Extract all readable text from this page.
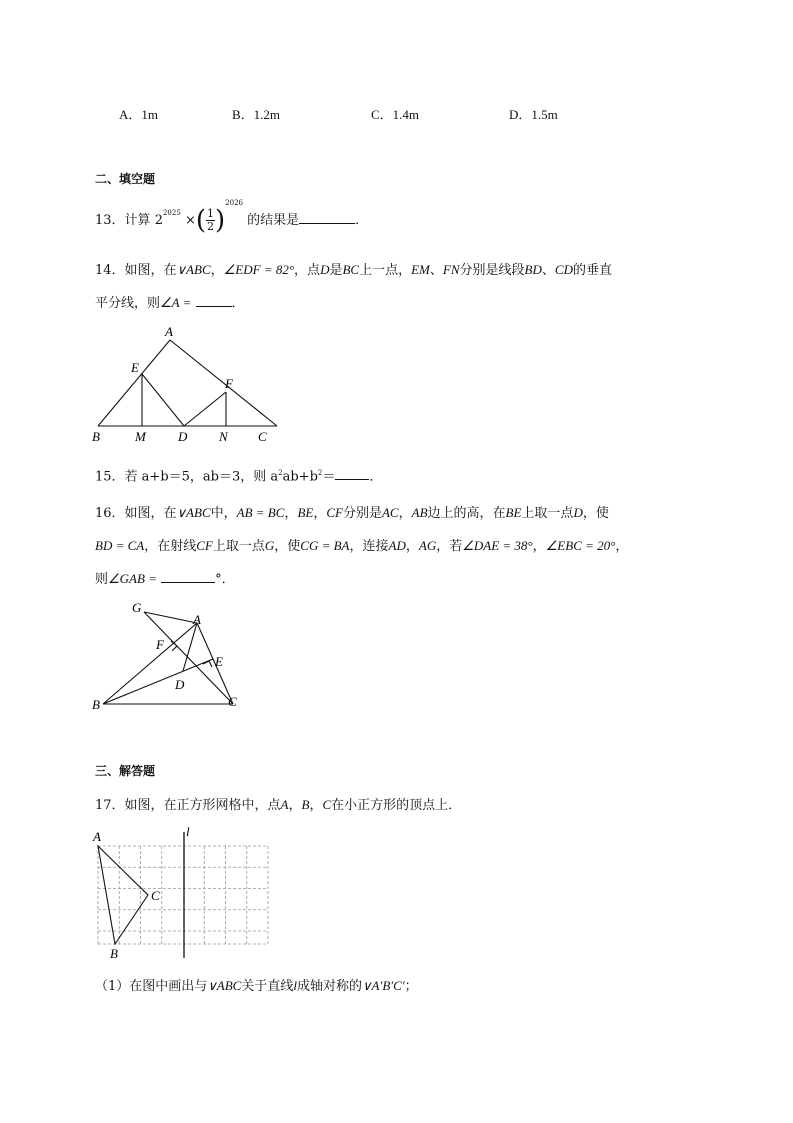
A．1m	B．1.2m	C．1.4m	D．1.5m
二、填空题
13．计算 $2^{2025}$ ×( $\frac{1}{2} )^{2026}$ 的结果是	．
14．如图，在∨ABC，∠EDF = 82°，点D是BC上一点，EM、FN分别是线段BD、CD的垂直
平分线，则∠A =	．
A
E
F
B	M D N C
15．若 a+b＝5，ab＝3，则 $a^2ab+b^2=$	．
16．如图，在∨ABC中，AB = BC，BE，CF分别是AC，AB边上的高，在BE上取一点D，使
BD = CA，在射线CF上取一点G，使CG = BA，连接AD，AG，若∠DAE = 38°，∠EBC = 20°，
则∠GAB =	°．
G
A
F
E
D
B	C
三、解答题
17．如图，在正方形网格中，点A，B，C在小正方形的顶点上．
A	l
C
B
（1）在图中画出与∨ABC关于直线l成轴对称的∨A′B′C′；
